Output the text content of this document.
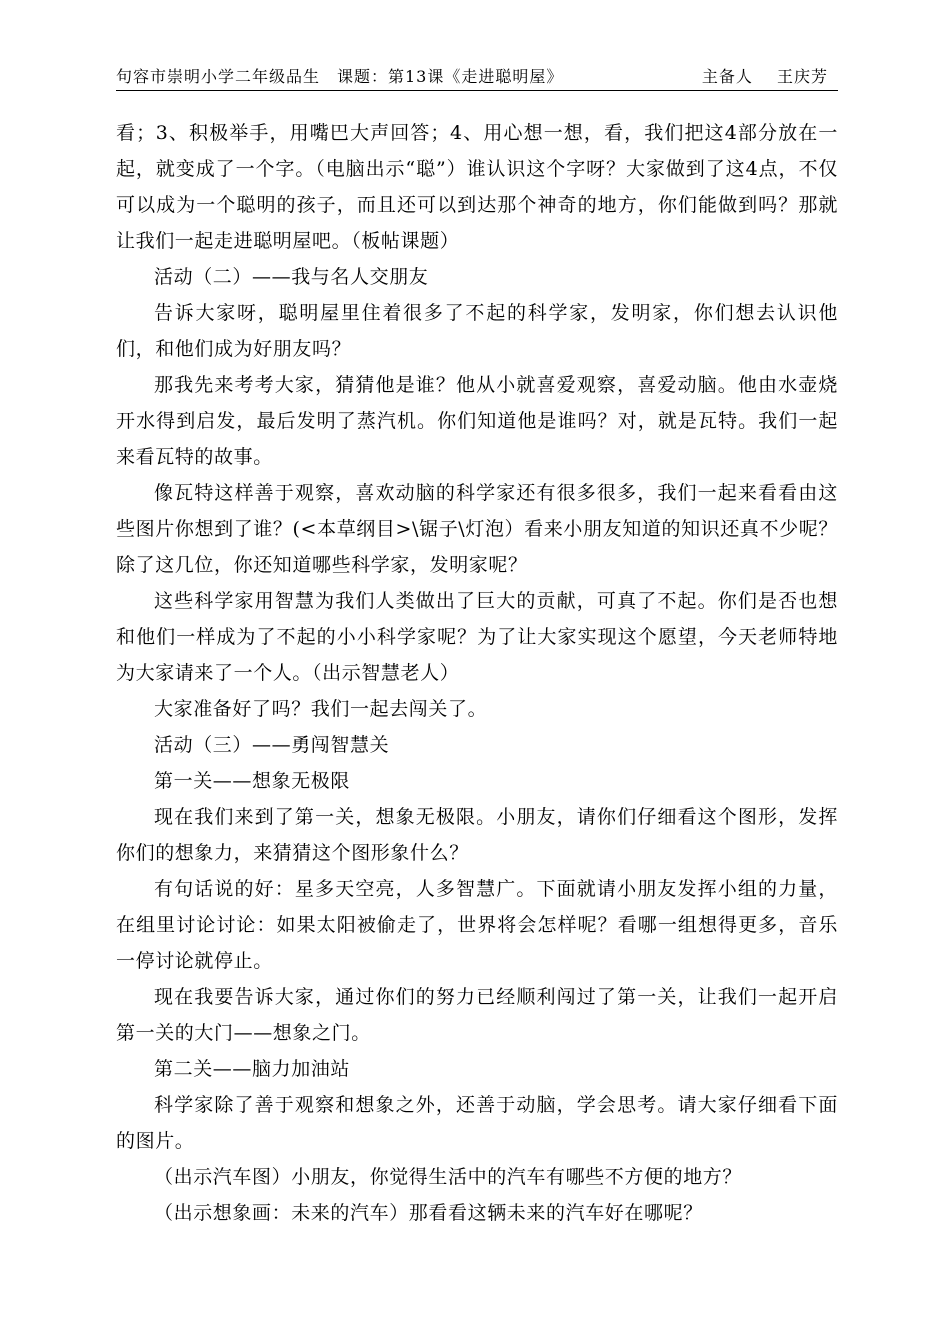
句容市崇明小学二年级品生　课题：第13课《走进聪明屋》	主备人 王庆芳

看；3、积极举手，用嘴巴大声回答；4、用心想一想，看，我们把这4部分放在一起，就变成了一个字。（电脑出示“聪”）谁认识这个字呀？大家做到了这4点，不仅可以成为一个聪明的孩子，而且还可以到达那个神奇的地方，你们能做到吗？那就让我们一起走进聪明屋吧。（板帖课题）

活动（二）——我与名人交朋友

告诉大家呀，聪明屋里住着很多了不起的科学家，发明家，你们想去认识他们，和他们成为好朋友吗？

那我先来考考大家，猜猜他是谁？他从小就喜爱观察，喜爱动脑。他由水壶烧开水得到启发，最后发明了蒸汽机。你们知道他是谁吗？对，就是瓦特。我们一起来看瓦特的故事。

像瓦特这样善于观察，喜欢动脑的科学家还有很多很多，我们一起来看看由这些图片你想到了谁？(<本草纲目>\锯子\灯泡）看来小朋友知道的知识还真不少呢？除了这几位，你还知道哪些科学家，发明家呢？

这些科学家用智慧为我们人类做出了巨大的贡献，可真了不起。你们是否也想和他们一样成为了不起的小小科学家呢？为了让大家实现这个愿望，今天老师特地为大家请来了一个人。（出示智慧老人）

大家准备好了吗？我们一起去闯关了。

活动（三）——勇闯智慧关

第一关——想象无极限

现在我们来到了第一关，想象无极限。小朋友，请你们仔细看这个图形，发挥你们的想象力，来猜猜这个图形象什么？

有句话说的好：星多天空亮，人多智慧广。下面就请小朋友发挥小组的力量，在组里讨论讨论：如果太阳被偷走了，世界将会怎样呢？看哪一组想得更多，音乐一停讨论就停止。

现在我要告诉大家，通过你们的努力已经顺利闯过了第一关，让我们一起开启第一关的大门——想象之门。

第二关——脑力加油站

科学家除了善于观察和想象之外，还善于动脑，学会思考。请大家仔细看下面的图片。

（出示汽车图）小朋友，你觉得生活中的汽车有哪些不方便的地方？

（出示想象画：未来的汽车）那看看这辆未来的汽车好在哪呢？
